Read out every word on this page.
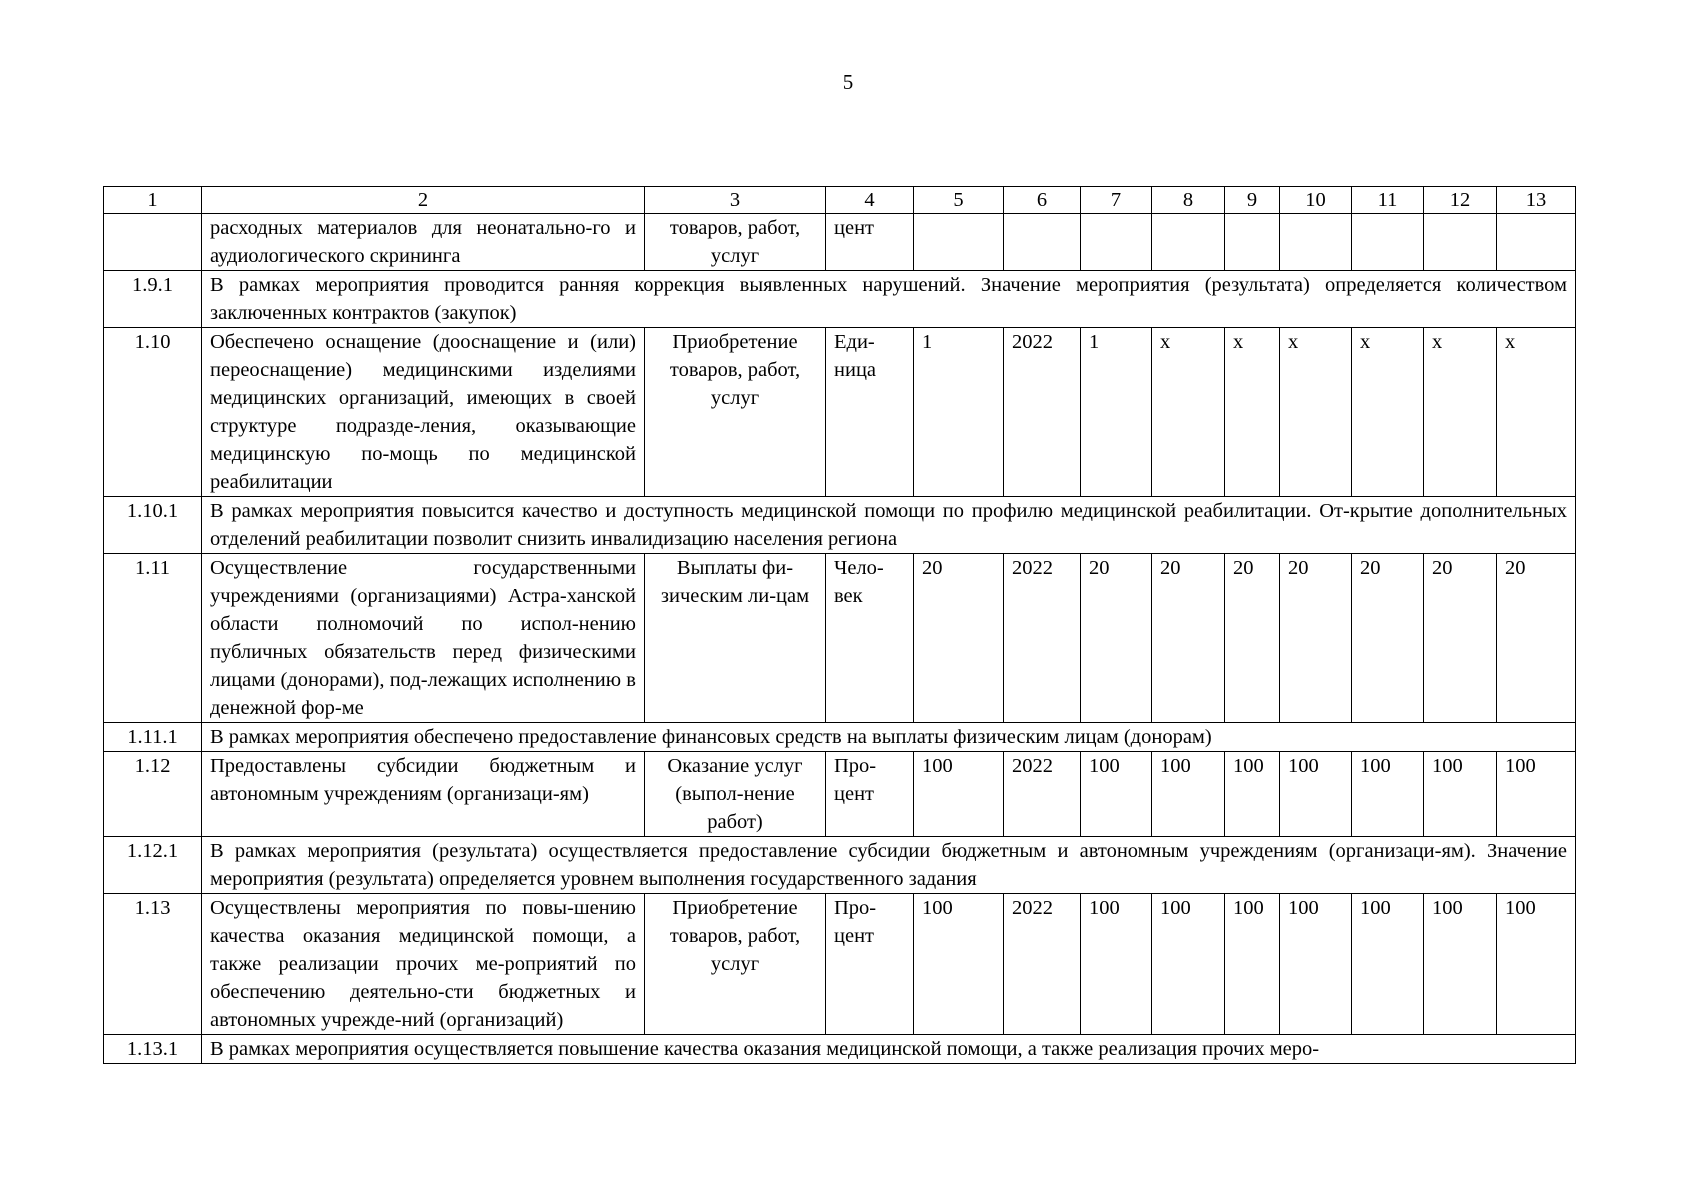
5
1	2	3	4	5	6	7	8	9	10	11	12	13
	расходных материалов для неонатально-го и аудиологического скрининга	товаров, работ, услуг	цент									
1.9.1	В рамках мероприятия проводится ранняя коррекция выявленных нарушений. Значение мероприятия (результата) определяется количеством заключенных контрактов (закупок)											
1.10	Обеспечено оснащение (дооснащение и (или) переоснащение) медицинскими изделиями медицинских организаций, имеющих в своей структуре подразде-ления, оказывающие медицинскую по-мощь по медицинской реабилитации	Приобретение товаров, работ, услуг	Еди-ница	1	2022	1	х	х	х	х	х	х
1.10.1	В рамках мероприятия повысится качество и доступность медицинской помощи по профилю медицинской реабилитации. От-крытие дополнительных отделений реабилитации позволит снизить инвалидизацию населения региона											
1.11	Осуществление государственными учреждениями (организациями) Астра-ханской области полномочий по испол-нению публичных обязательств перед физическими лицами (донорами), под-лежащих исполнению в денежной фор-ме	Выплаты фи-зическим ли-цам	Чело-век	20	2022	20	20	20	20	20	20	20
1.11.1	В рамках мероприятия обеспечено предоставление финансовых средств на выплаты физическим лицам (донорам)											
1.12	Предоставлены субсидии бюджетным и автономным учреждениям (организаци-ям)	Оказание услуг (выпол-нение работ)	Про-цент	100	2022	100	100	100	100	100	100	100
1.12.1	В рамках мероприятия (результата) осуществляется предоставление субсидии бюджетным и автономным учреждениям (организаци-ям). Значение мероприятия (результата) определяется уровнем выполнения государственного задания											
1.13	Осуществлены мероприятия по повы-шению качества оказания медицинской помощи, а также реализации прочих ме-роприятий по обеспечению деятельно-сти бюджетных и автономных учрежде-ний (организаций)	Приобретение товаров, работ, услуг	Про-цент	100	2022	100	100	100	100	100	100	100
1.13.1	В рамках мероприятия осуществляется повышение качества оказания медицинской помощи, а также реализация прочих меро-											
